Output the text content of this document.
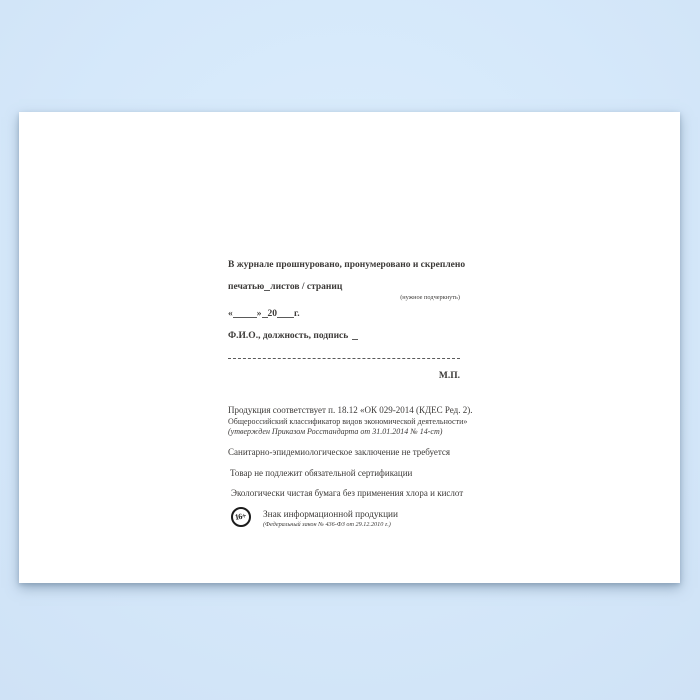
В журнале прошнуровано, пронумеровано и скреплено
печатью листов / страниц
(нужное подчеркнуть)
«	» 20 г.
Ф.И.О., должность, подпись
М.П.
Продукция соответствует п. 18.12 «ОК 029-2014 (КДЕС Ред. 2).
Общероссийский классификатор видов экономической деятельности»
(утвержден Приказом Росстандарта от 31.01.2014 № 14-ст)
Санитарно-эпидемиологическое заключение не требуется
Товар не подлежит обязательной сертификации
Экологически чистая бумага без применения хлора и кислот
16+ Знак информационной продукции
(Федеральный закон № 436-ФЗ от 29.12.2010 г.)
